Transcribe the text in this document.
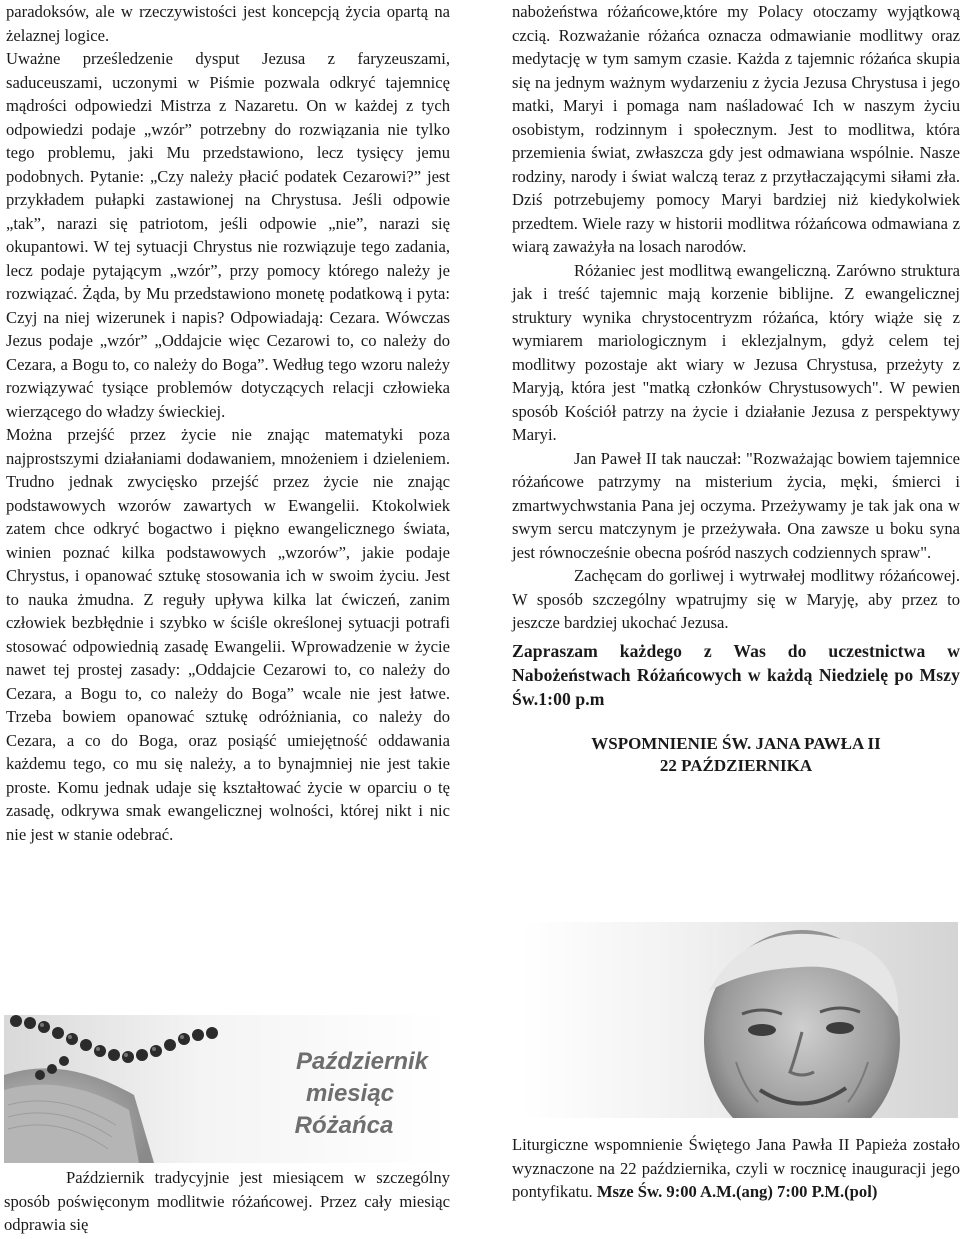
paradoksów, ale w rzeczywistości jest koncepcją życia opartą na żelaznej logice.

Uważne prześledzenie dysput Jezusa z faryzeuszami, saduceuszami, uczonymi w Piśmie pozwala odkryć tajemnicę mądrości odpowiedzi Mistrza z Nazaretu. On w każdej z tych odpowiedzi podaje „wzór” potrzebny do rozwiązania nie tylko tego problemu, jaki Mu przedstawiono, lecz tysięcy jemu podobnych. Pytanie: „Czy należy płacić podatek Cezarowi?” jest przykładem pułapki zastawionej na Chrystusa. Jeśli odpowie „tak”, narazi się patriotom, jeśli odpowie „nie”, narazi się okupantowi. W tej sytuacji Chrystus nie rozwiązuje tego zadania, lecz podaje pytającym „wzór”, przy pomocy którego należy je rozwiązać. Żąda, by Mu przedstawiono monetę podatkową i pyta: Czyj na niej wizerunek i napis? Odpowiadają: Cezara. Wówczas Jezus podaje „wzór” „Oddajcie więc Cezarowi to, co należy do Cezara, a Bogu to, co należy do Boga”. Według tego wzoru należy rozwiązywać tysiące problemów dotyczących relacji człowieka wierzącego do władzy świeckiej.

Można przejść przez życie nie znając matematyki poza najprostszymi działaniami dodawaniem, mnożeniem i dzieleniem. Trudno jednak zwycięsko przejść przez życie nie znając podstawowych wzorów zawartych w Ewangelii. Ktokolwiek zatem chce odkryć bogactwo i piękno ewangelicznego świata, winien poznać kilka podstawowych „wzorów”, jakie podaje Chrystus, i opanować sztukę stosowania ich w swoim życiu. Jest to nauka żmudna. Z reguły upływa kilka lat ćwiczeń, zanim człowiek bezbłędnie i szybko w ściśle określonej sytuacji potrafi stosować odpowiednią zasadę Ewangelii. Wprowadzenie w życie nawet tej prostej zasady: „Oddajcie Cezarowi to, co należy do Cezara, a Bogu to, co należy do Boga” wcale nie jest łatwe. Trzeba bowiem opanować sztukę odróżniania, co należy do Cezara, a co do Boga, oraz posiąść umiejętność oddawania każdemu tego, co mu się należy, a to bynajmniej nie jest takie proste. Komu jednak udaje się kształtować życie w oparciu o tę zasadę, odkrywa smak ewangelicznej wolności, której nikt i nic nie jest w stanie odebrać.

Październik
miesiąc
Różańca

Październik tradycyjnie jest miesiącem w szczególny sposób poświęconym modlitwie różańcowej. Przez cały miesiąc odprawia się

nabożeństwa różańcowe,które my Polacy otoczamy wyjątkową czcią. Rozważanie różańca oznacza odmawianie modlitwy oraz medytację w tym samym czasie. Każda z tajemnic różańca skupia się na jednym ważnym wydarzeniu z życia Jezusa Chrystusa i jego matki, Maryi i pomaga nam naśladować Ich w naszym życiu osobistym, rodzinnym i społecznym. Jest to modlitwa, która przemienia świat, zwłaszcza gdy jest odmawiana wspólnie. Nasze rodziny, narody i świat walczą teraz z przytłaczającymi siłami zła. Dziś potrzebujemy pomocy Maryi bardziej niż kiedykolwiek przedtem. Wiele razy w historii modlitwa różańcowa odmawiana z wiarą zaważyła na losach narodów.

Różaniec jest modlitwą ewangeliczną. Zarówno struktura jak i treść tajemnic mają korzenie biblijne. Z ewangelicznej struktury wynika chrystocentryzm różańca, który wiąże się z wymiarem mariologicznym i eklezjalnym, gdyż celem tej modlitwy pozostaje akt wiary w Jezusa Chrystusa, przeżyty z Maryją, która jest "matką członków Chrystusowych". W pewien sposób Kościół patrzy na życie i działanie Jezusa z perspektywy Maryi.

Jan Paweł II tak nauczał: "Rozważając bowiem tajemnice różańcowe patrzymy na misterium życia, męki, śmierci i zmartwychwstania Pana jej oczyma. Przeżywamy je tak jak ona w swym sercu matczynym je przeżywała. Ona zawsze u boku syna jest równocześnie obecna pośród naszych codziennych spraw".

Zachęcam do gorliwej i wytrwałej modlitwy różańcowej. W sposób szczególny wpatrujmy się w Maryję, aby przez to jeszcze bardziej ukochać Jezusa.

Zapraszam każdego z Was do uczestnictwa w Nabożeństwach Różańcowych w każdą Niedzielę po Mszy Św.1:00 p.m

WSPOMNIENIE ŚW. JANA PAWŁA II
22 PAŹDZIERNIKA

Liturgiczne wspomnienie Świętego Jana Pawła II Papieża zostało wyznaczone na 22 października, czyli w rocznicę inauguracji jego pontyfikatu. Msze Św. 9:00 A.M.(ang) 7:00 P.M.(pol)
